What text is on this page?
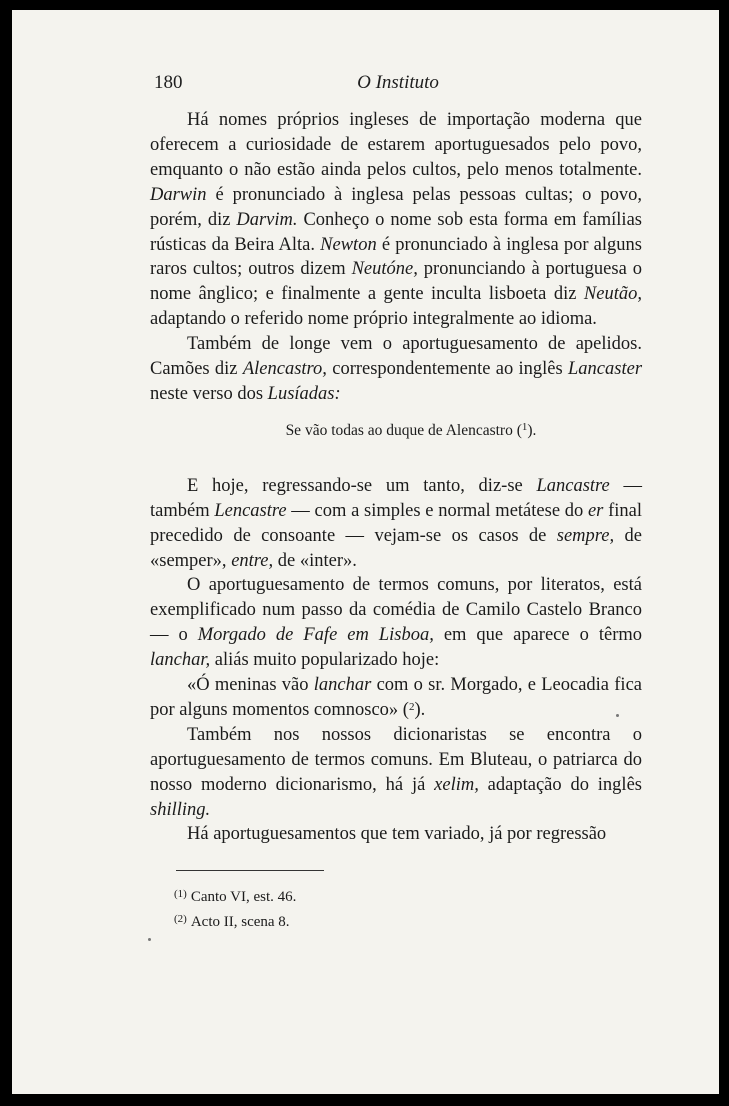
180	O Instituto

Há nomes próprios ingleses de importação moderna que oferecem a curiosidade de estarem aportuguesados pelo povo, emquanto o não estão ainda pelos cultos, pelo menos totalmente. Darwin é pronunciado à inglesa pelas pessoas cultas; o povo, porém, diz Darvim. Conheço o nome sob esta forma em famílias rústicas da Beira Alta. Newton é pronunciado à inglesa por alguns raros cultos; outros dizem Neutóne, pronunciando à portuguesa o nome ânglico; e finalmente a gente inculta lisboeta diz Neutão, adaptando o referido nome próprio integralmente ao idioma.

Também de longe vem o aportuguesamento de apelidos. Camões diz Alencastro, correspondentemente ao inglês Lancaster neste verso dos Lusíadas:

Se vão todas ao duque de Alencastro ($^1$).

E hoje, regressando-se um tanto, diz-se Lancastre — também Lencastre — com a simples e normal metátese do er final precedido de consoante — vejam-se os casos de sempre, de «semper», entre, de «inter».

O aportuguesamento de termos comuns, por literatos, está exemplificado num passo da comédia de Camilo Castelo Branco — o Morgado de Fafe em Lisboa, em que aparece o têrmo lanchar, aliás muito popularizado hoje:

«Ó meninas vão lanchar com o sr. Morgado, e Leocadia fica por alguns momentos comnosco» ($^2$).

Também nos nossos dicionaristas se encontra o aportuguesamento de termos comuns. Em Bluteau, o patriarca do nosso moderno dicionarismo, há já xelim, adaptação do inglês shilling.

Há aportuguesamentos que tem variado, já por regressão

$^{(1)}$ Canto VI, est. 46.
$^{(2)}$ Acto II, scena 8.
